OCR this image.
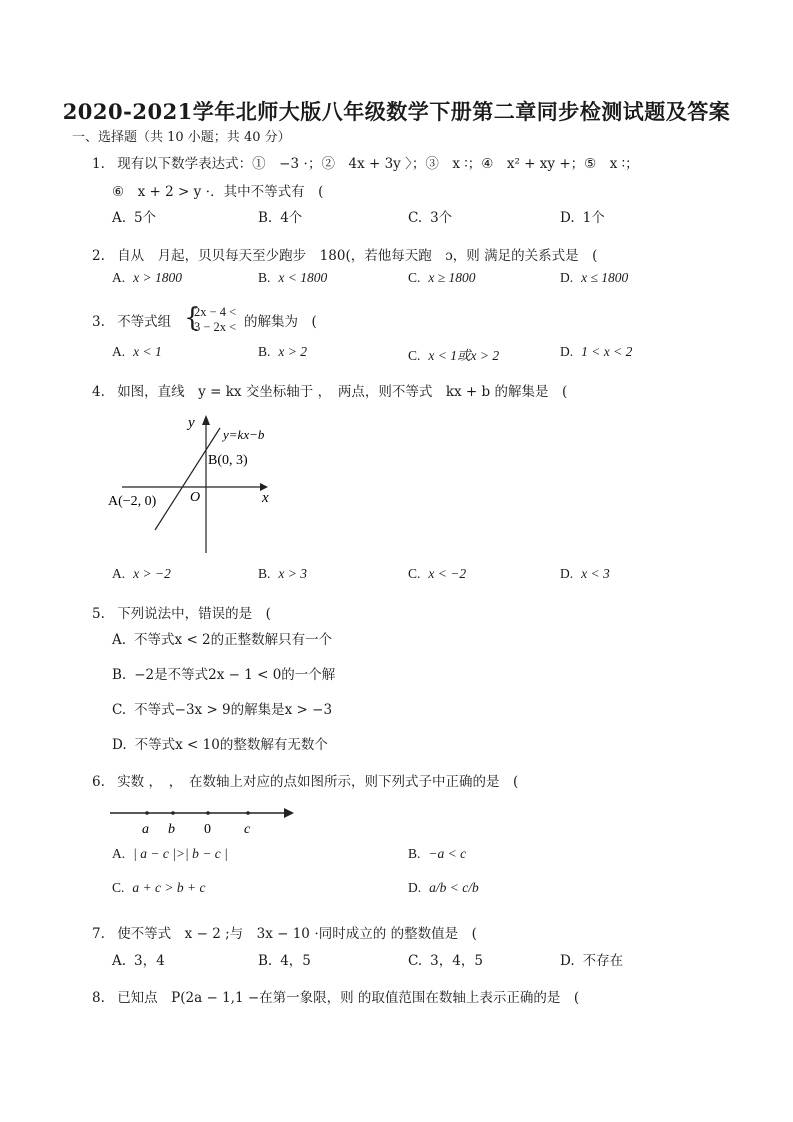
2020-2021学年北师大版八年级数学下册第二章同步检测试题及答案
一、选择题（共 10 小题；共 40 分）
1. 现有以下数学表达式：①　−3 ⋅；②　4x + 3y 〉；③　x ∶；④　x² + xy +；⑤　x ∶；
⑥　x + 2 > y ⋅．其中不等式有　(
A. 5个	B. 4个	C. 3个	D. 1个
2. 自从　月起，贝贝每天至少跑步　180(，若他每天跑　ɔ，则 满足的关系式是　(
A. x > 1800	B. x < 1800	C. x ≥ 1800	D. x ≤ 1800
3. 不等式组 {
2x − 4 <
3 − 2x < 的解集为　(
A. x < 1	B. x > 2	C. x < 1或x > 2	D. 1 < x < 2
4. 如图，直线　y = kx 交坐标轴于 ，　两点，则不等式　kx + b 的解集是　(
y
x
y=kx−b
B(0, 3)
A(−2, 0) O
A. x > −2	B. x > 3	C. x < −2	D. x < 3
5. 下列说法中，错误的是　(
A. 不等式x < 2的正整数解只有一个
B. −2是不等式2x − 1 < 0的一个解
C. 不等式−3x > 9的解集是x > −3
D. 不等式x < 10的整数解有无数个
6. 实数 ，　，　在数轴上对应的点如图所示，则下列式子中正确的是　(
a b 0 c
A. | a − c |>| b − c |	B. −a < c
C. a + c > b + c	D. a/b < c/b
7. 使不等式　x − 2 ;与　3x − 10 ⋅同时成立的 的整数值是　(
A. 3，4	B. 4，5	C. 3，4，5	D. 不存在
8. 已知点　P(2a − 1,1 −在第一象限，则 的取值范围在数轴上表示正确的是　(
